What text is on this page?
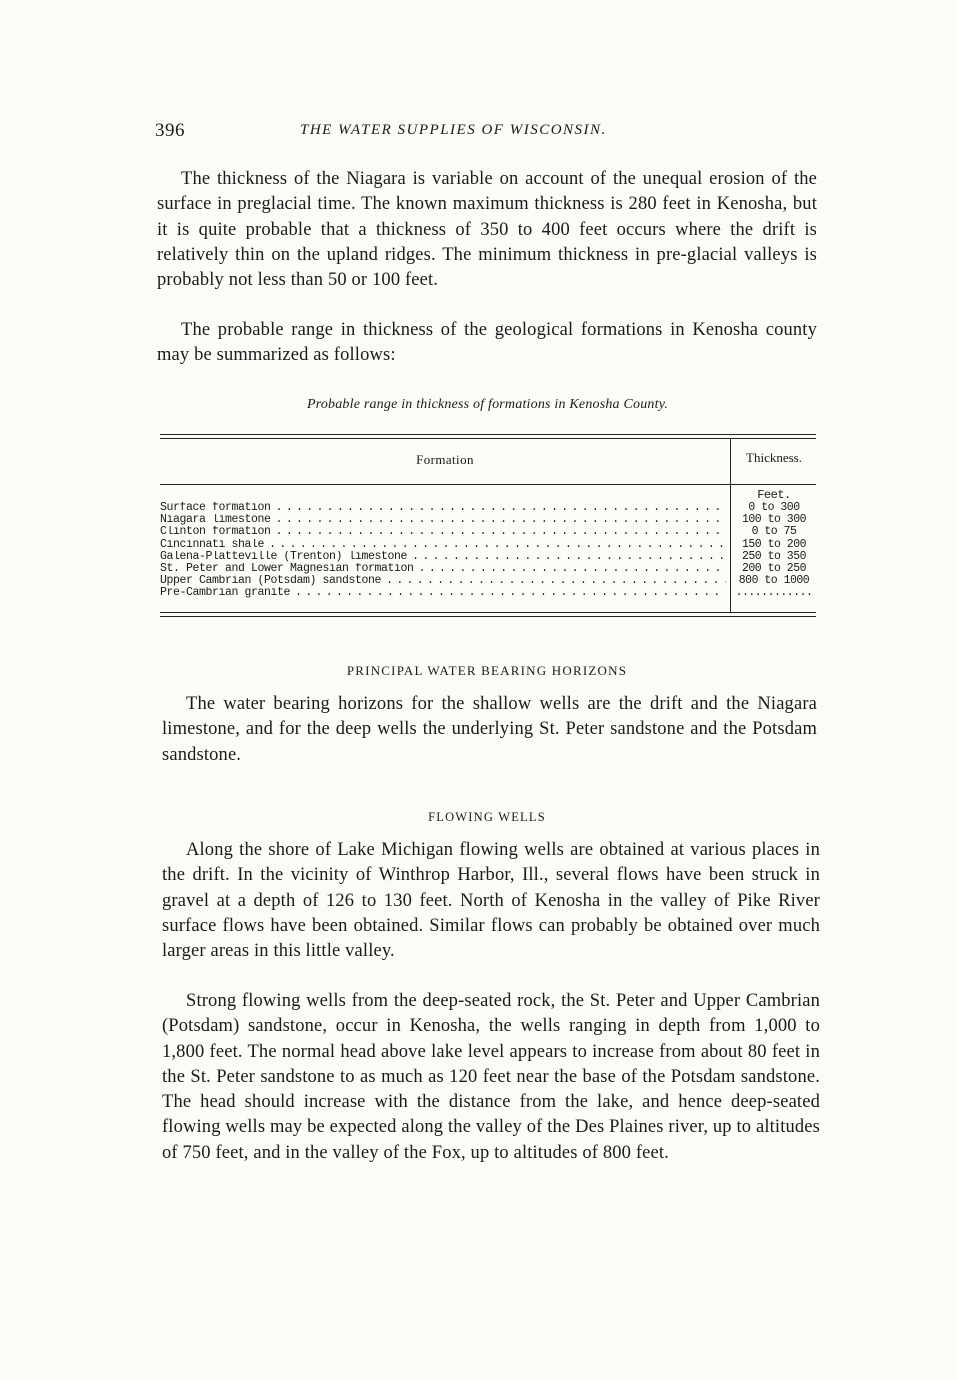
396	THE WATER SUPPLIES OF WISCONSIN.

The thickness of the Niagara is variable on account of the unequal erosion of the surface in preglacial time. The known maximum thickness is 280 feet in Kenosha, but it is quite probable that a thickness of 350 to 400 feet occurs where the drift is relatively thin on the upland ridges. The minimum thickness in pre-glacial valleys is probably not less than 50 or 100 feet.

The probable range in thickness of the geological formations in Kenosha county may be summarized as follows:

Probable range in thickness of formations in Kenosha County.
Formation	Thickness.
Feet.
Surface formation . . .	0 to 300
Niagara limestone . . .	100 to 300
Clinton formation . . .	0 to 75
Cincinnati shale . . .	150 to 200
Galena-Platteville (Trenton) limestone . . .	250 to 350
St. Peter and Lower Magnesian formation . . .	200 to 250
Upper Cambrian (Potsdam) sandstone . . .	800 to 1000
Pre-Cambrian granite . . .	............
PRINCIPAL WATER BEARING HORIZONS

The water bearing horizons for the shallow wells are the drift and the Niagara limestone, and for the deep wells the underlying St. Peter sandstone and the Potsdam sandstone.

FLOWING WELLS

Along the shore of Lake Michigan flowing wells are obtained at various places in the drift. In the vicinity of Winthrop Harbor, Ill., several flows have been struck in gravel at a depth of 126 to 130 feet. North of Kenosha in the valley of Pike River surface flows have been obtained. Similar flows can probably be obtained over much larger areas in this little valley.

Strong flowing wells from the deep-seated rock, the St. Peter and Upper Cambrian (Potsdam) sandstone, occur in Kenosha, the wells ranging in depth from 1,000 to 1,800 feet. The normal head above lake level appears to increase from about 80 feet in the St. Peter sandstone to as much as 120 feet near the base of the Potsdam sandstone. The head should increase with the distance from the lake, and hence deep-seated flowing wells may be expected along the valley of the Des Plaines river, up to altitudes of 750 feet, and in the valley of the Fox, up to altitudes of 800 feet.
